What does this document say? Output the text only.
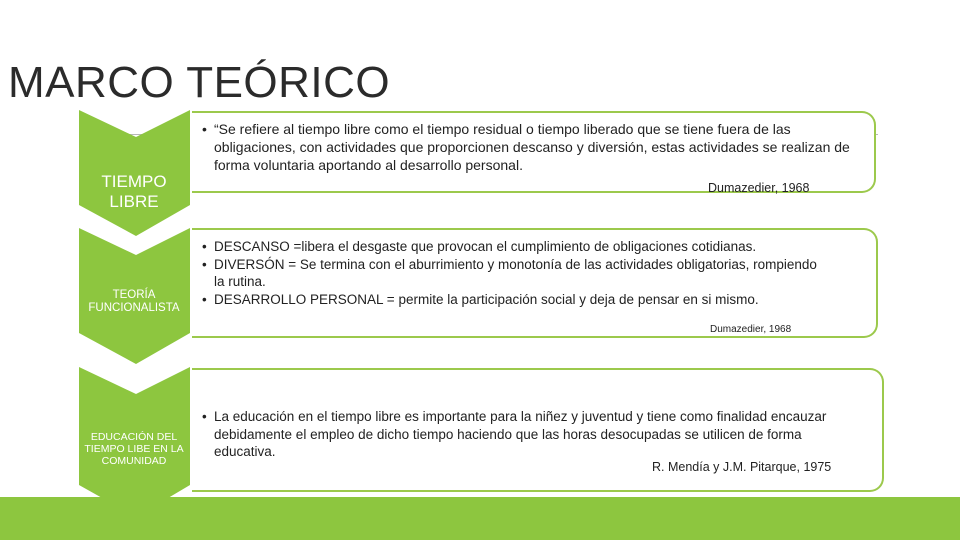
MARCO TEÓRICO
TIEMPO LIBRE
TEORÍA FUNCIONALISTA
EDUCACIÓN DEL TIEMPO LIBE EN LA COMUNIDAD
• “Se refiere al tiempo libre como el tiempo residual o tiempo liberado que se tiene fuera de las obligaciones, con actividades que proporcionen descanso y diversión, estas actividades se realizan de forma voluntaria aportando al desarrollo personal.
Dumazedier, 1968
• DESCANSO =libera el desgaste que provocan el cumplimiento de obligaciones cotidianas.
• DIVERSÓN = Se termina con el aburrimiento y monotonía de las actividades obligatorias, rompiendo la rutina.
• DESARROLLO PERSONAL = permite la participación social y deja de pensar en si mismo.
Dumazedier, 1968
• La educación en el tiempo libre es importante para la niñez y juventud y tiene como finalidad encauzar debidamente el empleo de dicho tiempo haciendo que las horas desocupadas se utilicen de forma educativa.
R. Mendía y J.M. Pitarque, 1975
